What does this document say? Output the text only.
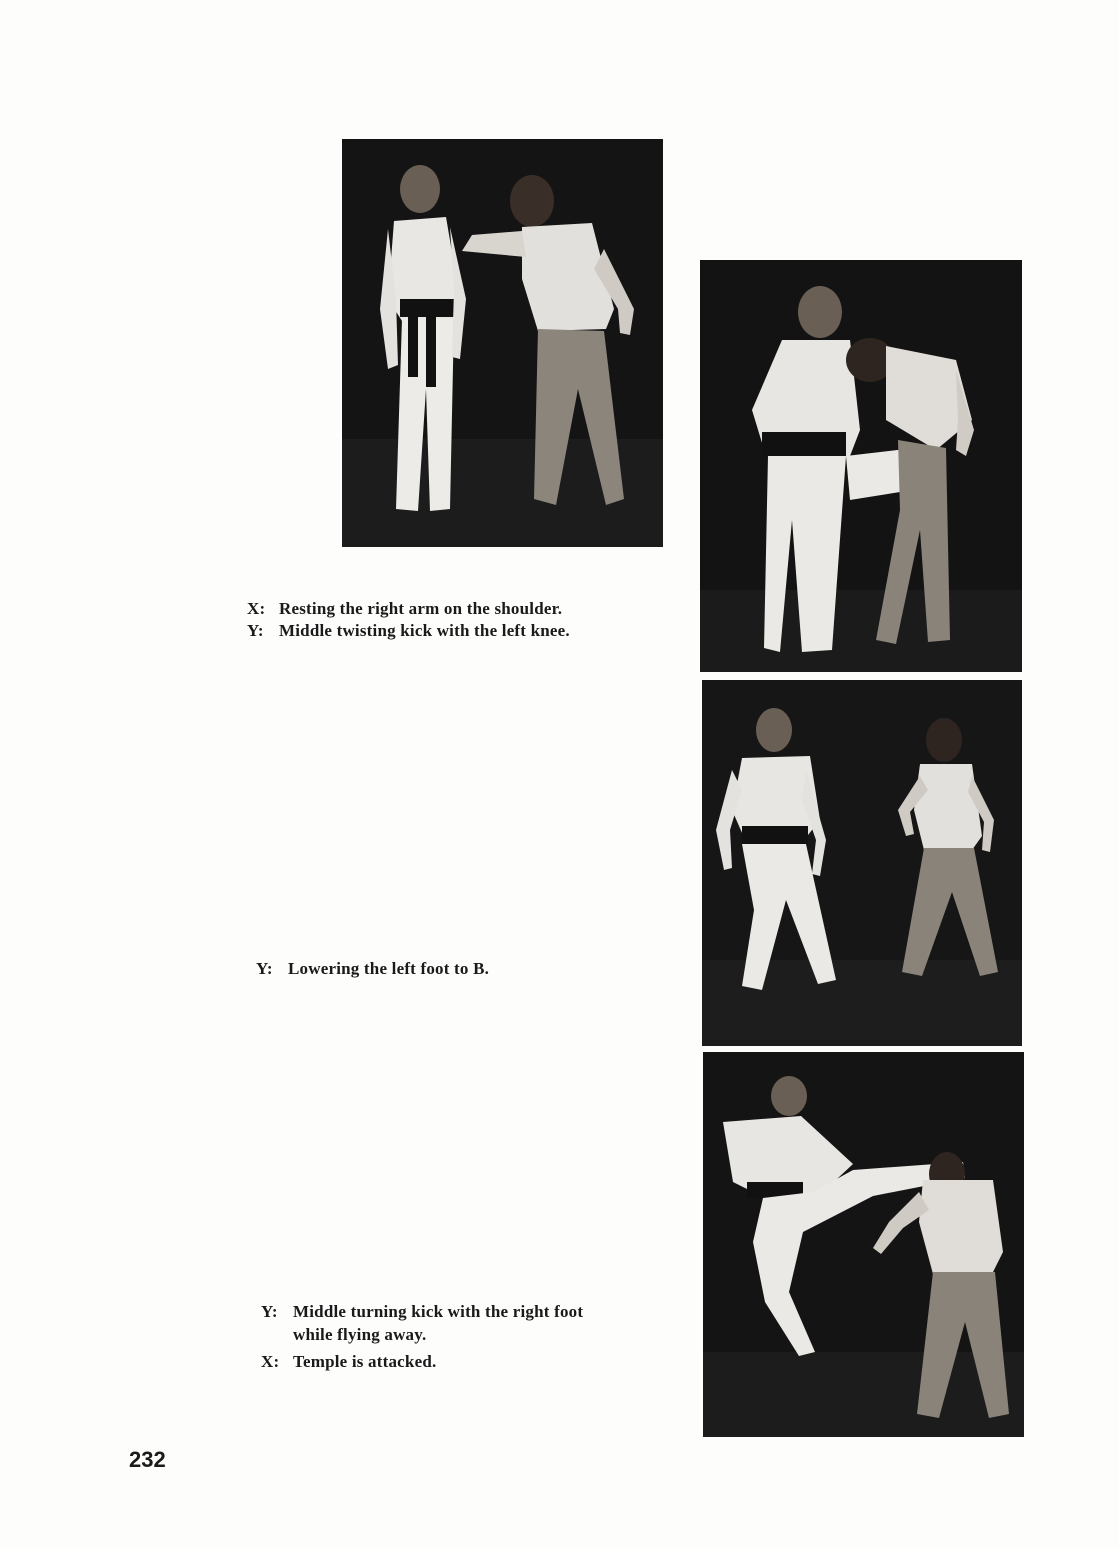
X: Resting the right arm on the shoulder.
Y: Middle twisting kick with the left knee.
Y: Lowering the left foot to B.
Y: Middle turning kick with the right foot
while flying away.
X: Temple is attacked.
232
